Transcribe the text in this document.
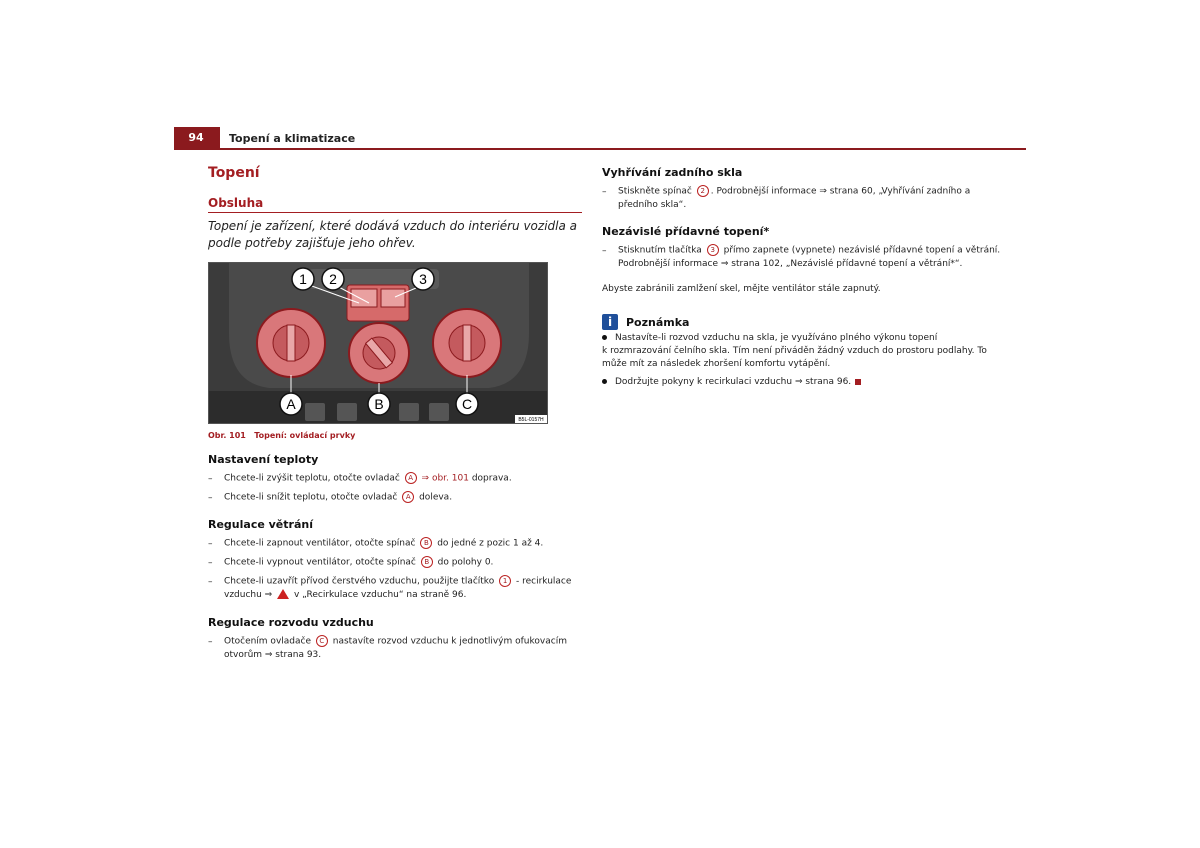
94	Topení a klimatizace
Topení
Obsluha
Topení je zařízení, které dodává vzduch do interiéru vozidla a podle potřeby zajišťuje jeho ohřev.
1 2	3
A	B	C
B5L-0157H
Obr. 101 Topení: ovládací prvky
Nastavení teploty
– Chcete-li zvýšit teplotu, otočte ovladač A ⇒ obr. 101 doprava.
– Chcete-li snížit teplotu, otočte ovladač A doleva.
Regulace větrání
– Chcete-li zapnout ventilátor, otočte spínač B do jedné z pozic 1 až 4.
– Chcete-li vypnout ventilátor, otočte spínač B do polohy 0.
– Chcete-li uzavřít přívod čerstvého vzduchu, použijte tlačítko 1 - recirkulace
vzduchu ⇒ v „Recirkulace vzduchu“ na straně 96.
Regulace rozvodu vzduchu
– Otočením ovladače C nastavíte rozvod vzduchu k jednotlivým ofukovacím
otvorům ⇒ strana 93.
Vyhřívání zadního skla
– Stiskněte spínač 2 . Podrobnější informace ⇒ strana 60, „Vyhřívání zadního a
předního skla“.
Nezávislé přídavné topení*
– Stisknutím tlačítka 3 přímo zapnete (vypnete) nezávislé přídavné topení a větrání.
Podrobnější informace ⇒ strana 102, „Nezávislé přídavné topení a větrání*“.
Abyste zabránili zamlžení skel, mějte ventilátor stále zapnutý.
i Poznámka
Nastavíte-li rozvod vzduchu na skla, je využíváno plného výkonu topení
k rozmrazování čelního skla. Tím není přiváděn žádný vzduch do prostoru podlahy. To
může mít za následek zhoršení komfortu vytápění.
Dodržujte pokyny k recirkulaci vzduchu ⇒ strana 96.
